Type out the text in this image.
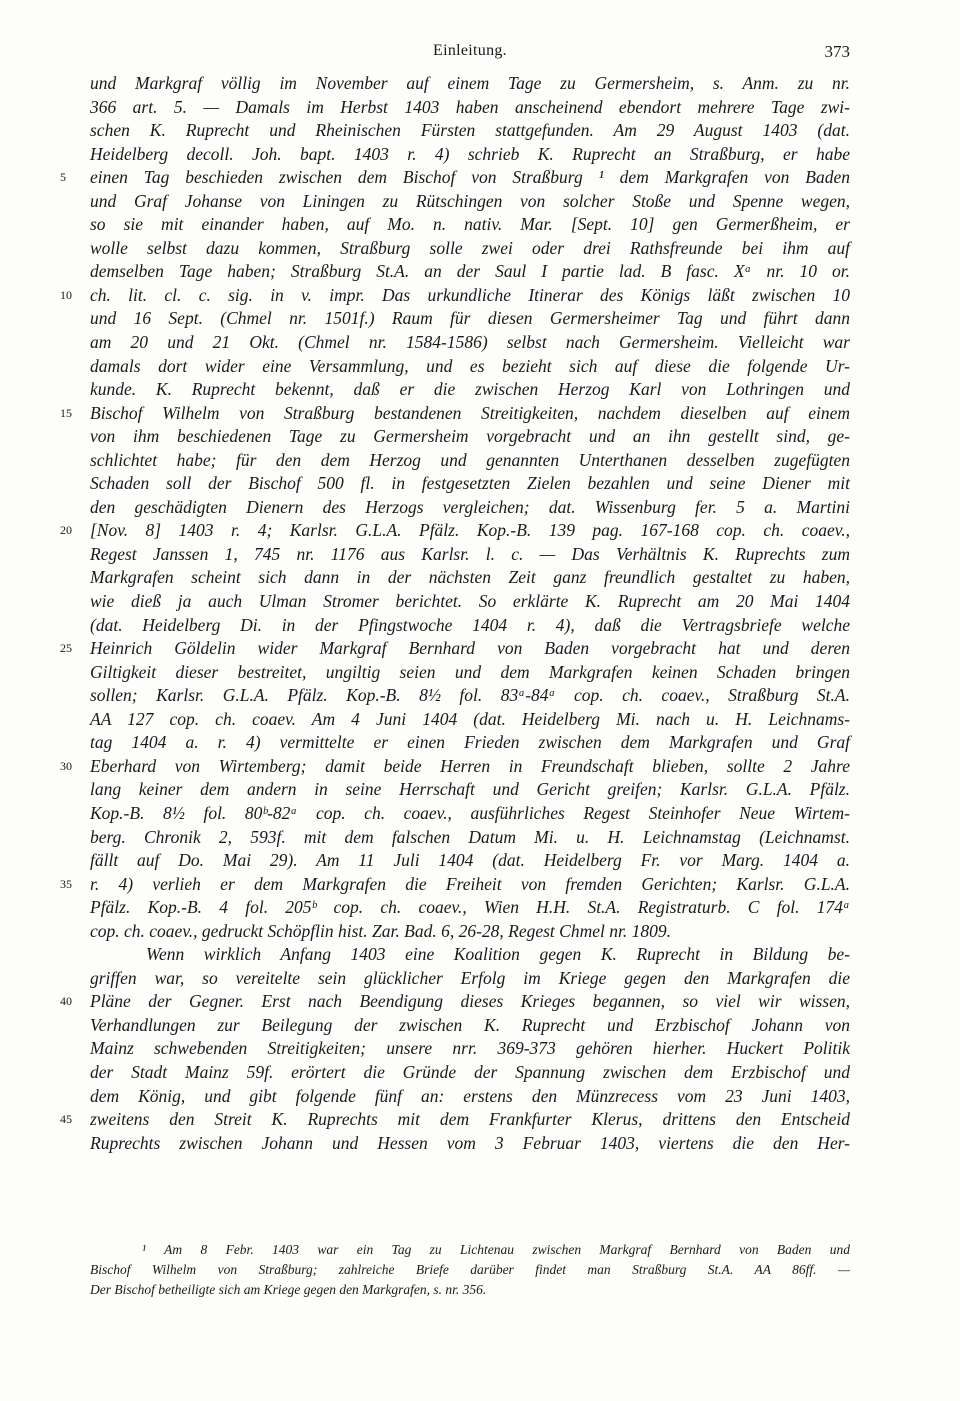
Einleitung.	373
und Markgraf völlig im November auf einem Tage zu Germersheim, s. Anm. zu nr.
366 art. 5. — Damals im Herbst 1403 haben anscheinend ebendort mehrere Tage zwi-
schen K. Ruprecht und Rheinischen Fürsten stattgefunden. Am 29 August 1403 (dat.
Heidelberg decoll. Joh. bapt. 1403 r. 4) schrieb K. Ruprecht an Straßburg, er habe
5	einen Tag beschieden zwischen dem Bischof von Straßburg ¹ dem Markgrafen von Baden
und Graf Johanse von Liningen zu Rütschingen von solcher Stoße und Spenne wegen,
so sie mit einander haben, auf Mo. n. nativ. Mar. [Sept. 10] gen Germerßheim, er
wolle selbst dazu kommen, Straßburg solle zwei oder drei Rathsfreunde bei ihm auf
demselben Tage haben; Straßburg St.A. an der Saul I partie lad. B fasc. Xᵃ nr. 10 or.
10	ch. lit. cl. c. sig. in v. impr. Das urkundliche Itinerar des Königs läßt zwischen 10
und 16 Sept. (Chmel nr. 1501f.) Raum für diesen Germersheimer Tag und führt dann
am 20 und 21 Okt. (Chmel nr. 1584-1586) selbst nach Germersheim. Vielleicht war
damals dort wider eine Versammlung, und es bezieht sich auf diese die folgende Ur-
kunde. K. Ruprecht bekennt, daß er die zwischen Herzog Karl von Lothringen und
15	Bischof Wilhelm von Straßburg bestandenen Streitigkeiten, nachdem dieselben auf einem
von ihm beschiedenen Tage zu Germersheim vorgebracht und an ihn gestellt sind, ge-
schlichtet habe; für den dem Herzog und genannten Unterthanen desselben zugefügten
Schaden soll der Bischof 500 fl. in festgesetzten Zielen bezahlen und seine Diener mit
den geschädigten Dienern des Herzogs vergleichen; dat. Wissenburg fer. 5 a. Martini
20	[Nov. 8] 1403 r. 4; Karlsr. G.L.A. Pfälz. Kop.-B. 139 pag. 167-168 cop. ch. coaev.,
Regest Janssen 1, 745 nr. 1176 aus Karlsr. l. c. — Das Verhältnis K. Ruprechts zum
Markgrafen scheint sich dann in der nächsten Zeit ganz freundlich gestaltet zu haben,
wie dieß ja auch Ulman Stromer berichtet. So erklärte K. Ruprecht am 20 Mai 1404
(dat. Heidelberg Di. in der Pfingstwoche 1404 r. 4), daß die Vertragsbriefe welche
25	Heinrich Göldelin wider Markgraf Bernhard von Baden vorgebracht hat und deren
Giltigkeit dieser bestreitet, ungiltig seien und dem Markgrafen keinen Schaden bringen
sollen; Karlsr. G.L.A. Pfälz. Kop.-B. 8½ fol. 83ᵃ-84ᵃ cop. ch. coaev., Straßburg St.A.
AA 127 cop. ch. coaev. Am 4 Juni 1404 (dat. Heidelberg Mi. nach u. H. Leichnams-
tag 1404 a. r. 4) vermittelte er einen Frieden zwischen dem Markgrafen und Graf
30	Eberhard von Wirtemberg; damit beide Herren in Freundschaft blieben, sollte 2 Jahre
lang keiner dem andern in seine Herrschaft und Gericht greifen; Karlsr. G.L.A. Pfälz.
Kop.-B. 8½ fol. 80ᵇ-82ᵃ cop. ch. coaev., ausführliches Regest Steinhofer Neue Wirtem-
berg. Chronik 2, 593f. mit dem falschen Datum Mi. u. H. Leichnamstag (Leichnamst.
fällt auf Do. Mai 29). Am 11 Juli 1404 (dat. Heidelberg Fr. vor Marg. 1404 a.
35	r. 4) verlieh er dem Markgrafen die Freiheit von fremden Gerichten; Karlsr. G.L.A.
Pfälz. Kop.-B. 4 fol. 205ᵇ cop. ch. coaev., Wien H.H. St.A. Registraturb. C fol. 174ᵃ
cop. ch. coaev., gedruckt Schöpflin hist. Zar. Bad. 6, 26-28, Regest Chmel nr. 1809.
Wenn wirklich Anfang 1403 eine Koalition gegen K. Ruprecht in Bildung be-
griffen war, so vereitelte sein glücklicher Erfolg im Kriege gegen den Markgrafen die
40	Pläne der Gegner. Erst nach Beendigung dieses Krieges begannen, so viel wir wissen,
Verhandlungen zur Beilegung der zwischen K. Ruprecht und Erzbischof Johann von
Mainz schwebenden Streitigkeiten; unsere nrr. 369-373 gehören hierher. Huckert Politik
der Stadt Mainz 59f. erörtert die Gründe der Spannung zwischen dem Erzbischof und
dem König, und gibt folgende fünf an: erstens den Münzrecess vom 23 Juni 1403,
45	zweitens den Streit K. Ruprechts mit dem Frankfurter Klerus, drittens den Entscheid
Ruprechts zwischen Johann und Hessen vom 3 Februar 1403, viertens die den Her-
¹ Am 8 Febr. 1403 war ein Tag zu Lichtenau zwischen Markgraf Bernhard von Baden und
Bischof Wilhelm von Straßburg; zahlreiche Briefe darüber findet man Straßburg St.A. AA 86ff. —
Der Bischof betheiligte sich am Kriege gegen den Markgrafen, s. nr. 356.
